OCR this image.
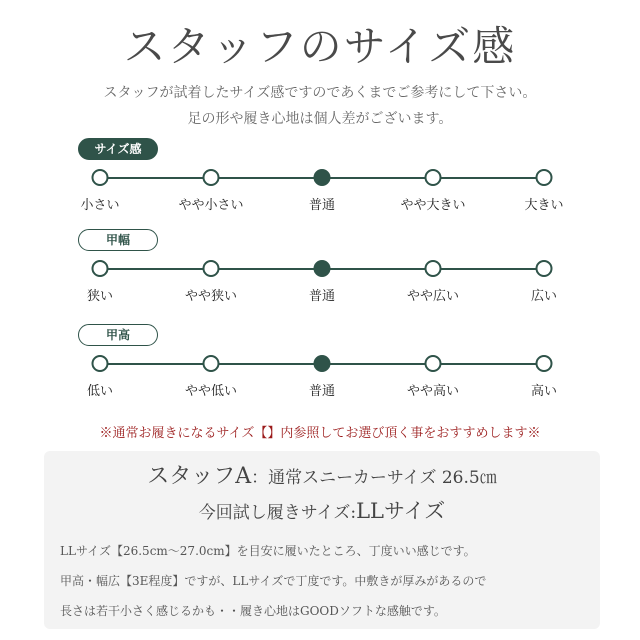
スタッフのサイズ感
スタッフが試着したサイズ感ですのであくまでご参考にして下さい。
足の形や履き心地は個人差がございます。
サイズ感
小さい	やや小さい	普通	やや大きい	大きい
甲幅
狭い	やや狭い	普通	やや広い	広い
甲高
低い	やや低い	普通	やや高い	高い
※通常お履きになるサイズ【】内参照してお選び頂く事をおすすめします※
スタッフA：通常スニーカーサイズ 26.5㎝
今回試し履きサイズ:LLサイズ
LLサイズ【26.5cm～27.0cm】を目安に履いたところ、丁度いい感じです。
甲高・幅広【3E程度】ですが、LLサイズで丁度です。中敷きが厚みがあるので
長さは若干小さく感じるかも・・履き心地はGOODソフトな感触です。
